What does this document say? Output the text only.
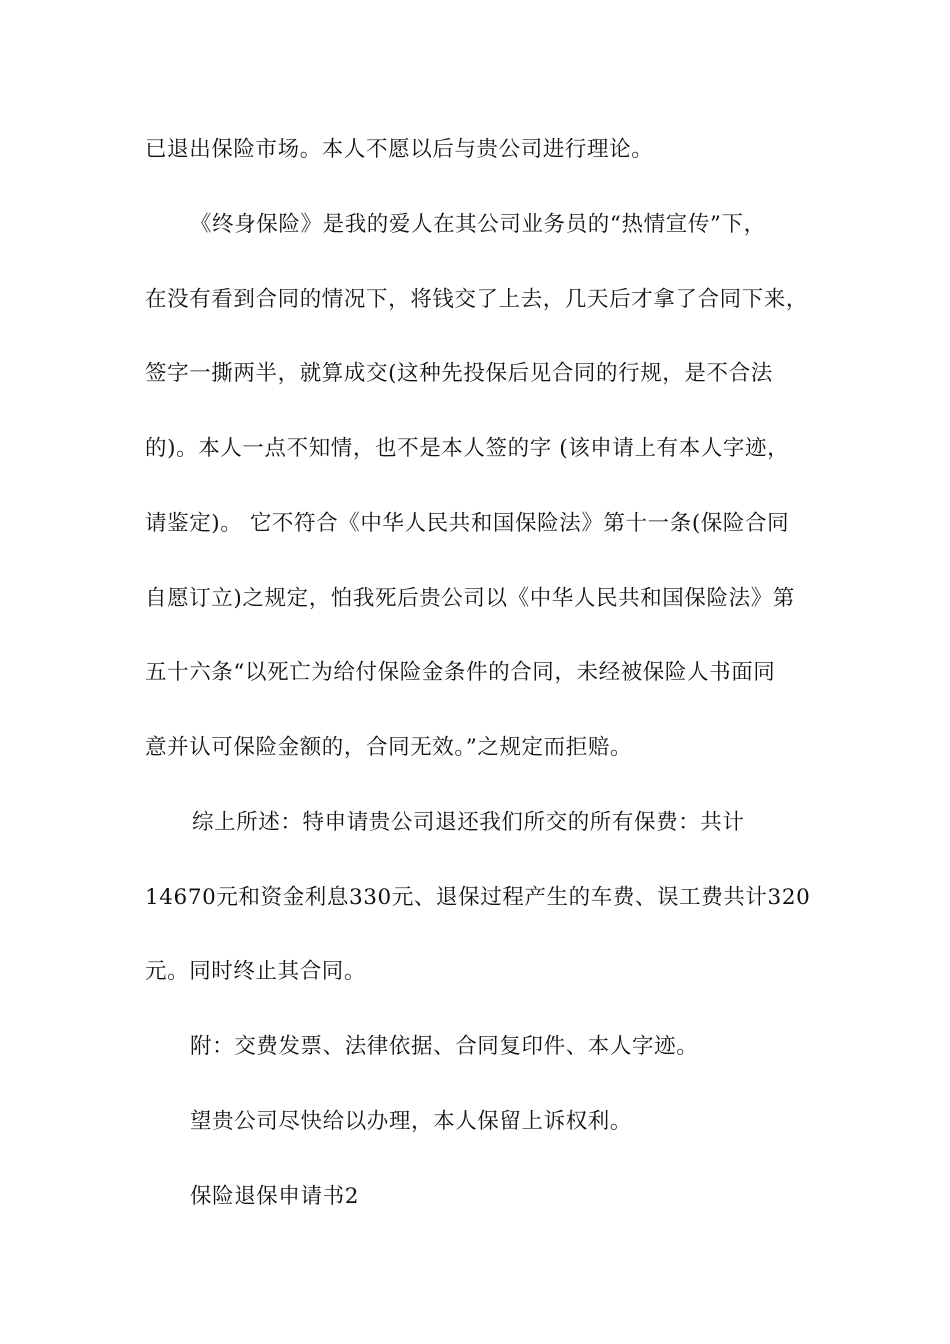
已退出保险市场。本人不愿以后与贵公司进行理论。
《终身保险》是我的爱人在其公司业务员的“热情宣传”下，
在没有看到合同的情况下，将钱交了上去，几天后才拿了合同下来，
签字一撕两半，就算成交(这种先投保后见合同的行规，是不合法
的)。本人一点不知情，也不是本人签的字 (该申请上有本人字迹，
请鉴定)。 它不符合《中华人民共和国保险法》第十一条(保险合同
自愿订立)之规定，怕我死后贵公司以《中华人民共和国保险法》第
五十六条“以死亡为给付保险金条件的合同，未经被保险人书面同
意并认可保险金额的，合同无效。”之规定而拒赔。
综上所述：特申请贵公司退还我们所交的所有保费：共计
14670元和资金利息330元、退保过程产生的车费、误工费共计320
元。同时终止其合同。
附：交费发票、法律依据、合同复印件、本人字迹。
望贵公司尽快给以办理，本人保留上诉权利。
保险退保申请书2
